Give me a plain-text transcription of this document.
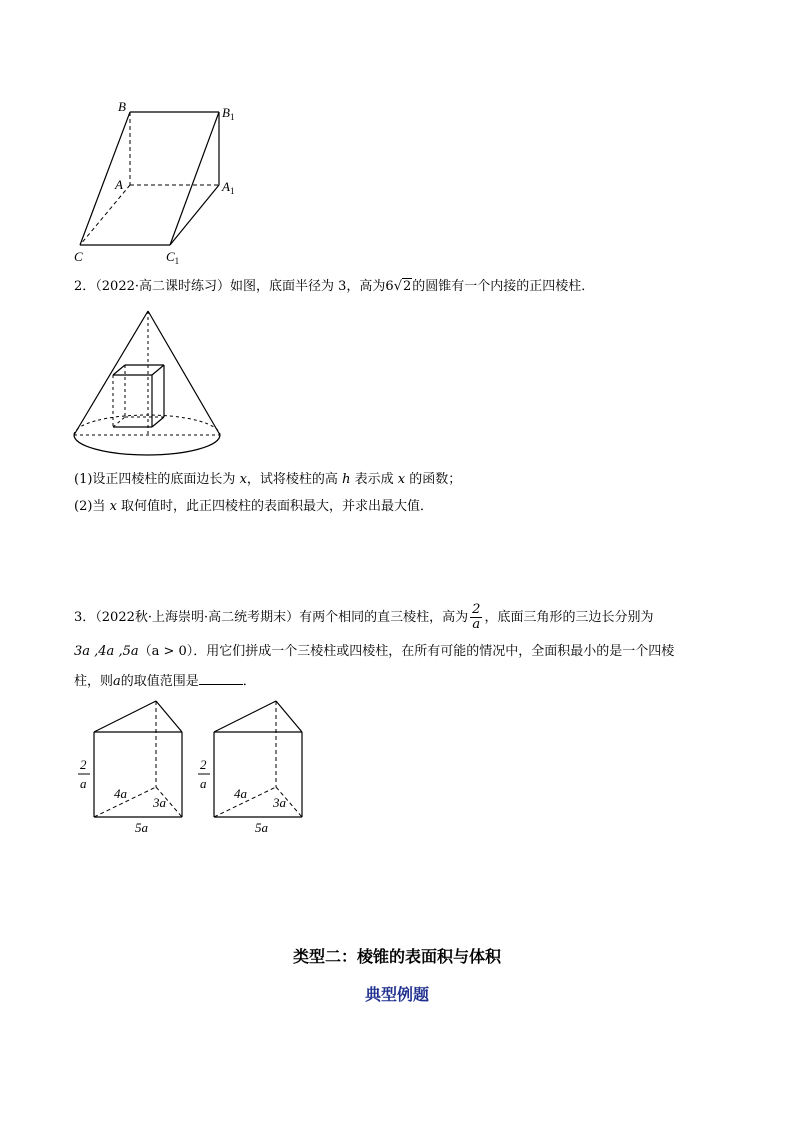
B	$B_1$
A	$A_1$
C	$C_1$
2．（2022·高二课时练习）如图，底面半径为 3，高为6√2的圆锥有一个内接的正四棱柱．
(1)设正四棱柱的底面边长为 x，试将棱柱的高 h 表示成 x 的函数；
(2)当 x 取何值时，此正四棱柱的表面积最大，并求出最大值．
3．（2022秋·上海崇明·高二统考期末）有两个相同的直三棱柱，高为 $\frac{2}{a}$ ，底面三角形的三边长分别为
3a ,4a ,5a（a > 0）．用它们拼成一个三棱柱或四棱柱，在所有可能的情况中，全面积最小的是一个四棱
柱，则a的取值范围是	．
2
a
4a
3a
5a
2
a
4a
3a
5a
类型二：棱锥的表面积与体积
典型例题
